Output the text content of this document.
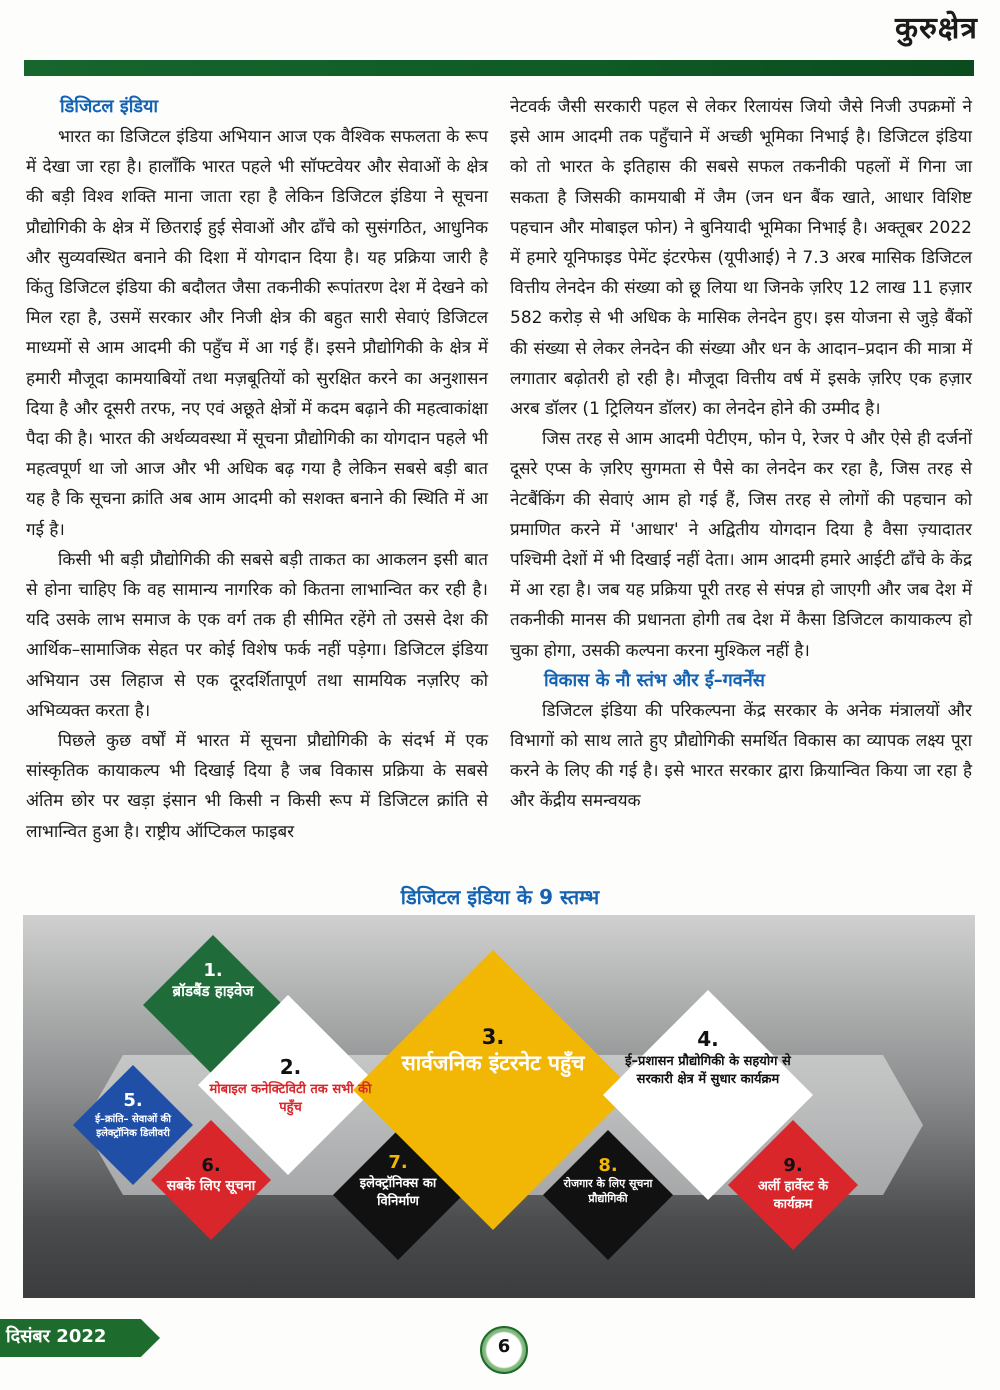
कुरुक्षेत्र
डिजिटल इंडिया

भारत का डिजिटल इंडिया अभियान आज एक वैश्विक सफलता के रूप में देखा जा रहा है। हालाँकि भारत पहले भी सॉफ्टवेयर और सेवाओं के क्षेत्र की बड़ी विश्व शक्ति माना जाता रहा है लेकिन डिजिटल इंडिया ने सूचना प्रौद्योगिकी के क्षेत्र में छितराई हुई सेवाओं और ढाँचे को सुसंगठित, आधुनिक और सुव्यवस्थित बनाने की दिशा में योगदान दिया है। यह प्रक्रिया जारी है किंतु डिजिटल इंडिया की बदौलत जैसा तकनीकी रूपांतरण देश में देखने को मिल रहा है, उसमें सरकार और निजी क्षेत्र की बहुत सारी सेवाएं डिजिटल माध्यमों से आम आदमी की पहुँच में आ गई हैं। इसने प्रौद्योगिकी के क्षेत्र में हमारी मौजूदा कामयाबियों तथा मज़बूतियों को सुरक्षित करने का अनुशासन दिया है और दूसरी तरफ, नए एवं अछूते क्षेत्रों में कदम बढ़ाने की महत्वाकांक्षा पैदा की है। भारत की अर्थव्यवस्था में सूचना प्रौद्योगिकी का योगदान पहले भी महत्वपूर्ण था जो आज और भी अधिक बढ़ गया है लेकिन सबसे बड़ी बात यह है कि सूचना क्रांति अब आम आदमी को सशक्त बनाने की स्थिति में आ गई है।

किसी भी बड़ी प्रौद्योगिकी की सबसे बड़ी ताकत का आकलन इसी बात से होना चाहिए कि वह सामान्य नागरिक को कितना लाभान्वित कर रही है। यदि उसके लाभ समाज के एक वर्ग तक ही सीमित रहेंगे तो उससे देश की आर्थिक–सामाजिक सेहत पर कोई विशेष फर्क नहीं पड़ेगा। डिजिटल इंडिया अभियान उस लिहाज से एक दूरदर्शितापूर्ण तथा सामयिक नज़रिए को अभिव्यक्त करता है।

पिछले कुछ वर्षों में भारत में सूचना प्रौद्योगिकी के संदर्भ में एक सांस्कृतिक कायाकल्प भी दिखाई दिया है जब विकास प्रक्रिया के सबसे अंतिम छोर पर खड़ा इंसान भी किसी न किसी रूप में डिजिटल क्रांति से लाभान्वित हुआ है। राष्ट्रीय ऑप्टिकल फाइबर

नेटवर्क जैसी सरकारी पहल से लेकर रिलायंस जियो जैसे निजी उपक्रमों ने इसे आम आदमी तक पहुँचाने में अच्छी भूमिका निभाई है। डिजिटल इंडिया को तो भारत के इतिहास की सबसे सफल तकनीकी पहलों में गिना जा सकता है जिसकी कामयाबी में जैम (जन धन बैंक खाते, आधार विशिष्ट पहचान और मोबाइल फोन) ने बुनियादी भूमिका निभाई है। अक्तूबर 2022 में हमारे यूनिफाइड पेमेंट इंटरफेस (यूपीआई) ने 7.3 अरब मासिक डिजिटल वित्तीय लेनदेन की संख्या को छू लिया था जिनके ज़रिए 12 लाख 11 हज़ार 582 करोड़ से भी अधिक के मासिक लेनदेन हुए। इस योजना से जुड़े बैंकों की संख्या से लेकर लेनदेन की संख्या और धन के आदान–प्रदान की मात्रा में लगातार बढ़ोतरी हो रही है। मौजूदा वित्तीय वर्ष में इसके ज़रिए एक हज़ार अरब डॉलर (1 ट्रिलियन डॉलर) का लेनदेन होने की उम्मीद है।

जिस तरह से आम आदमी पेटीएम, फोन पे, रेजर पे और ऐसे ही दर्जनों दूसरे एप्स के ज़रिए सुगमता से पैसे का लेनदेन कर रहा है, जिस तरह से नेटबैंकिंग की सेवाएं आम हो गई हैं, जिस तरह से लोगों की पहचान को प्रमाणित करने में 'आधार' ने अद्वितीय योगदान दिया है वैसा ज़्यादातर पश्चिमी देशों में भी दिखाई नहीं देता। आम आदमी हमारे आईटी ढाँचे के केंद्र में आ रहा है। जब यह प्रक्रिया पूरी तरह से संपन्न हो जाएगी और जब देश में तकनीकी मानस की प्रधानता होगी तब देश में कैसा डिजिटल कायाकल्प हो चुका होगा, उसकी कल्पना करना मुश्किल नहीं है।

विकास के नौ स्तंभ और ई–गवर्नेंस

डिजिटल इंडिया की परिकल्पना केंद्र सरकार के अनेक मंत्रालयों और विभागों को साथ लाते हुए प्रौद्योगिकी समर्थित विकास का व्यापक लक्ष्य पूरा करने के लिए की गई है। इसे भारत सरकार द्वारा क्रियान्वित किया जा रहा है और केंद्रीय समन्वयक

डिजिटल इंडिया के 9 स्तम्भ
1.
ब्रॉडबैंड हाइवेज
2.
मोबाइल कनेक्टिविटी तक सभी की पहुँच
3.
सार्वजनिक इंटरनेट पहुँच
4.
ई–प्रशासन प्रौद्योगिकी के सहयोग से सरकारी क्षेत्र में सुधार कार्यक्रम
5.
ई–क्रांति– सेवाओं की इलेक्ट्रॉनिक डिलीवरी
6.
सबके लिए सूचना
7.
इलेक्ट्रॉनिक्स का विनिर्माण
8.
रोजगार के लिए सूचना प्रौद्योगिकी
9.
अर्ली हार्वेस्ट के कार्यक्रम
दिसंबर 2022	6
